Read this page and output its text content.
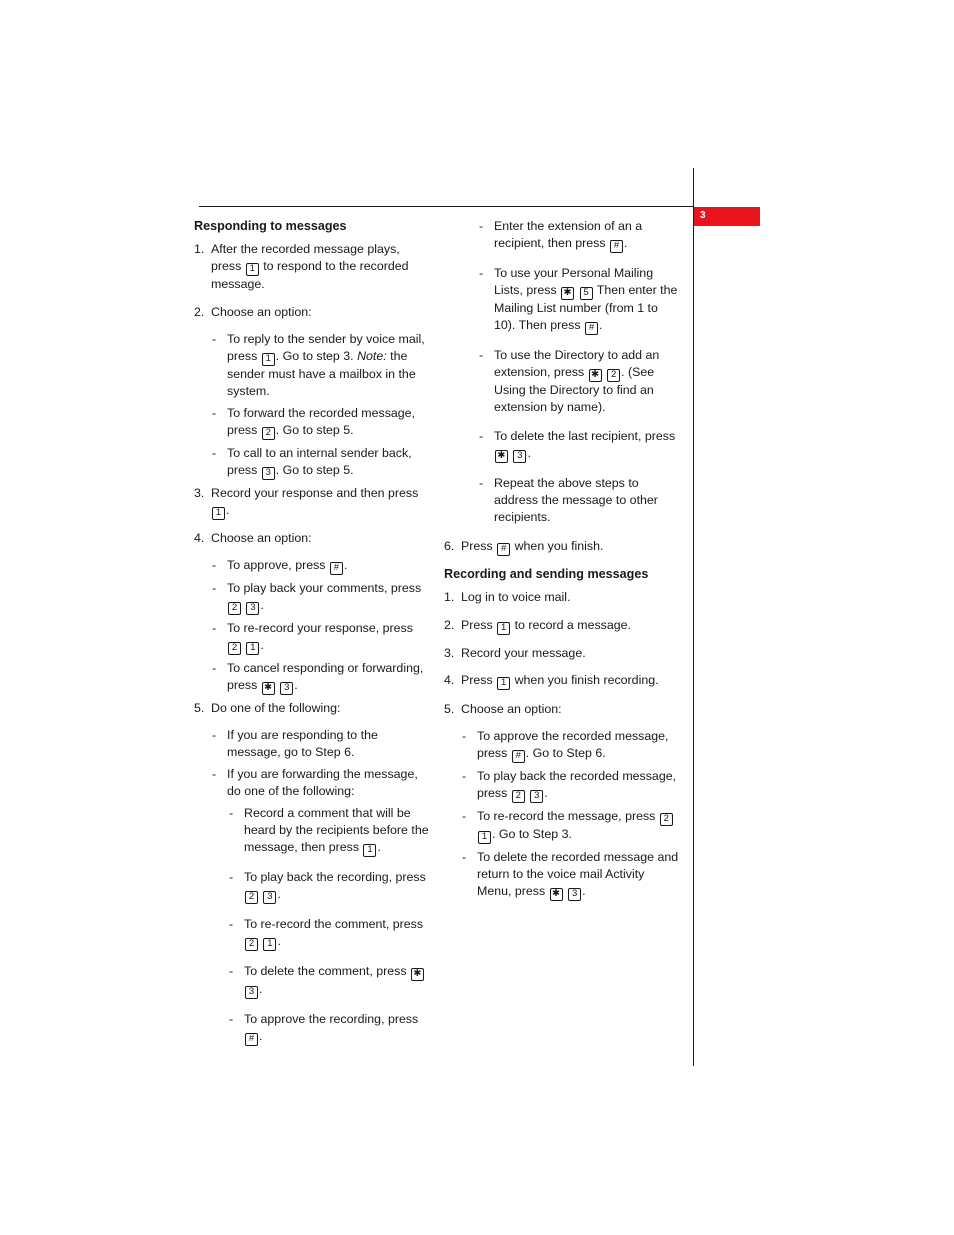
3
Responding to messages
1. After the recorded message plays, press 1 to respond to the recorded message.
2. Choose an option:
- To reply to the sender by voice mail, press 1 . Go to step 3. Note: the sender must have a mailbox in the system.
- To forward the recorded message, press 2 . Go to step 5.
- To call to an internal sender back, press 3 . Go to step 5.
3. Record your response and then press 1 .
4. Choose an option:
- To approve, press # .
- To play back your comments, press 2 3 .
- To re-record your response, press 2 1 .
- To cancel responding or forwarding, press ✱ 3 .
5. Do one of the following:
- If you are responding to the message, go to Step 6.
- If you are forwarding the message, do one of the following:
- Record a comment that will be heard by the recipients before the message, then press 1 .
- To play back the recording, press 2 3 .
- To re-record the comment, press 2 1 .
- To delete the comment, press ✱ 3 .
- To approve the recording, press # .
- Enter the extension of an a recipient, then press # .
- To use your Personal Mailing Lists, press ✱ 5 Then enter the Mailing List number (from 1 to 10). Then press # .
- To use the Directory to add an extension, press ✱ 2 . (See Using the Directory to find an extension by name).
- To delete the last recipient, press ✱ 3 .
- Repeat the above steps to address the message to other recipients.
6. Press # when you finish.
Recording and sending messages
1. Log in to voice mail.
2. Press 1 to record a message.
3. Record your message.
4. Press 1 when you finish recording.
5. Choose an option:
- To approve the recorded message, press # . Go to Step 6.
- To play back the recorded message, press 2 3 .
- To re-record the message, press 2 1 . Go to Step 3.
- To delete the recorded message and return to the voice mail Activity Menu, press ✱ 3 .
